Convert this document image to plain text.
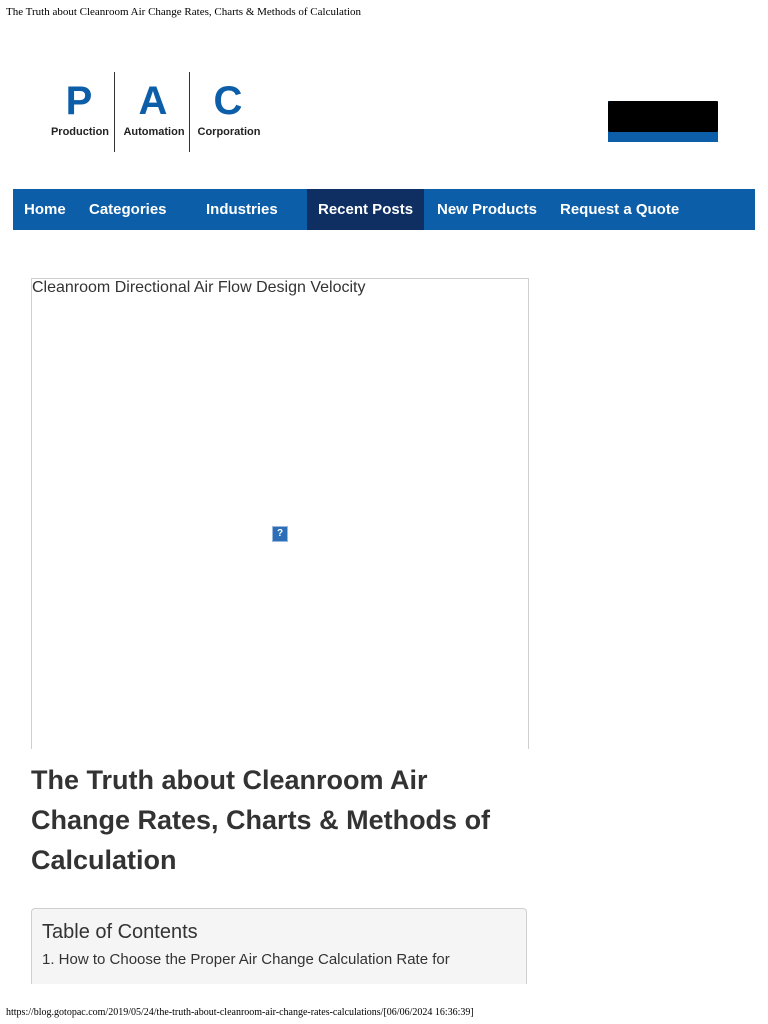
The Truth about Cleanroom Air Change Rates, Charts & Methods of Calculation
P
Production
A
Automation
C
Corporation
Home	Categories	Industries	Recent Posts	New Products	Request a Quote
Cleanroom Directional Air Flow Design Velocity
?
The Truth about Cleanroom Air Change Rates, Charts & Methods of Calculation
Table of Contents
1. How to Choose the Proper Air Change Calculation Rate for
https://blog.gotopac.com/2019/05/24/the-truth-about-cleanroom-air-change-rates-calculations/[06/06/2024 16:36:39]
